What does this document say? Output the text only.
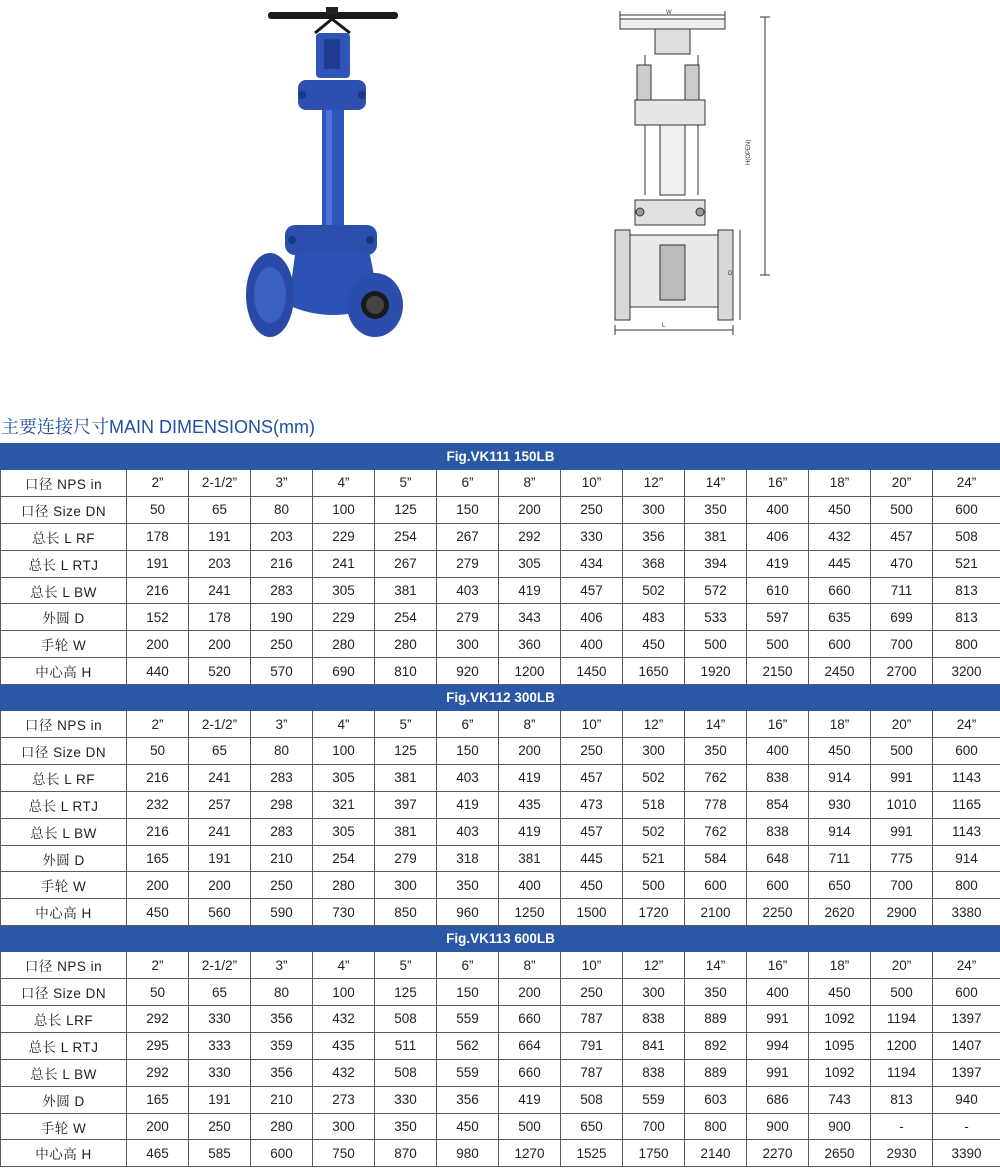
W
H(OPEN)
D
L
主要连接尺寸MAIN DIMENSIONS(mm)
Fig.VK111 150LB														
口径 NPS in	2”	2-1/2”	3”	4”	5”	6”	8”	10”	12”	14”	16”	18”	20”	24”
口径 Size DN	50	65	80	100	125	150	200	250	300	350	400	450	500	600
总长 L RF	178	191	203	229	254	267	292	330	356	381	406	432	457	508
总长 L RTJ	191	203	216	241	267	279	305	434	368	394	419	445	470	521
总长 L BW	216	241	283	305	381	403	419	457	502	572	610	660	711	813
外圆 D	152	178	190	229	254	279	343	406	483	533	597	635	699	813
手轮 W	200	200	250	280	280	300	360	400	450	500	500	600	700	800
中心高 H	440	520	570	690	810	920	1200	1450	1650	1920	2150	2450	2700	3200
Fig.VK112 300LB														
口径 NPS in	2”	2-1/2”	3”	4”	5”	6”	8”	10”	12”	14”	16”	18”	20”	24”
口径 Size DN	50	65	80	100	125	150	200	250	300	350	400	450	500	600
总长 L RF	216	241	283	305	381	403	419	457	502	762	838	914	991	1143
总长 L RTJ	232	257	298	321	397	419	435	473	518	778	854	930	1010	1165
总长 L BW	216	241	283	305	381	403	419	457	502	762	838	914	991	1143
外圆 D	165	191	210	254	279	318	381	445	521	584	648	711	775	914
手轮 W	200	200	250	280	300	350	400	450	500	600	600	650	700	800
中心高 H	450	560	590	730	850	960	1250	1500	1720	2100	2250	2620	2900	3380
Fig.VK113 600LB														
口径 NPS in	2”	2-1/2”	3”	4”	5”	6”	8”	10”	12”	14”	16”	18”	20”	24”
口径 Size DN	50	65	80	100	125	150	200	250	300	350	400	450	500	600
总长 LRF	292	330	356	432	508	559	660	787	838	889	991	1092	1194	1397
总长 L RTJ	295	333	359	435	511	562	664	791	841	892	994	1095	1200	1407
总长 L BW	292	330	356	432	508	559	660	787	838	889	991	1092	1194	1397
外圆 D	165	191	210	273	330	356	419	508	559	603	686	743	813	940
手轮 W	200	250	280	300	350	450	500	650	700	800	900	900	-	-
中心高 H	465	585	600	750	870	980	1270	1525	1750	2140	2270	2650	2930	3390
